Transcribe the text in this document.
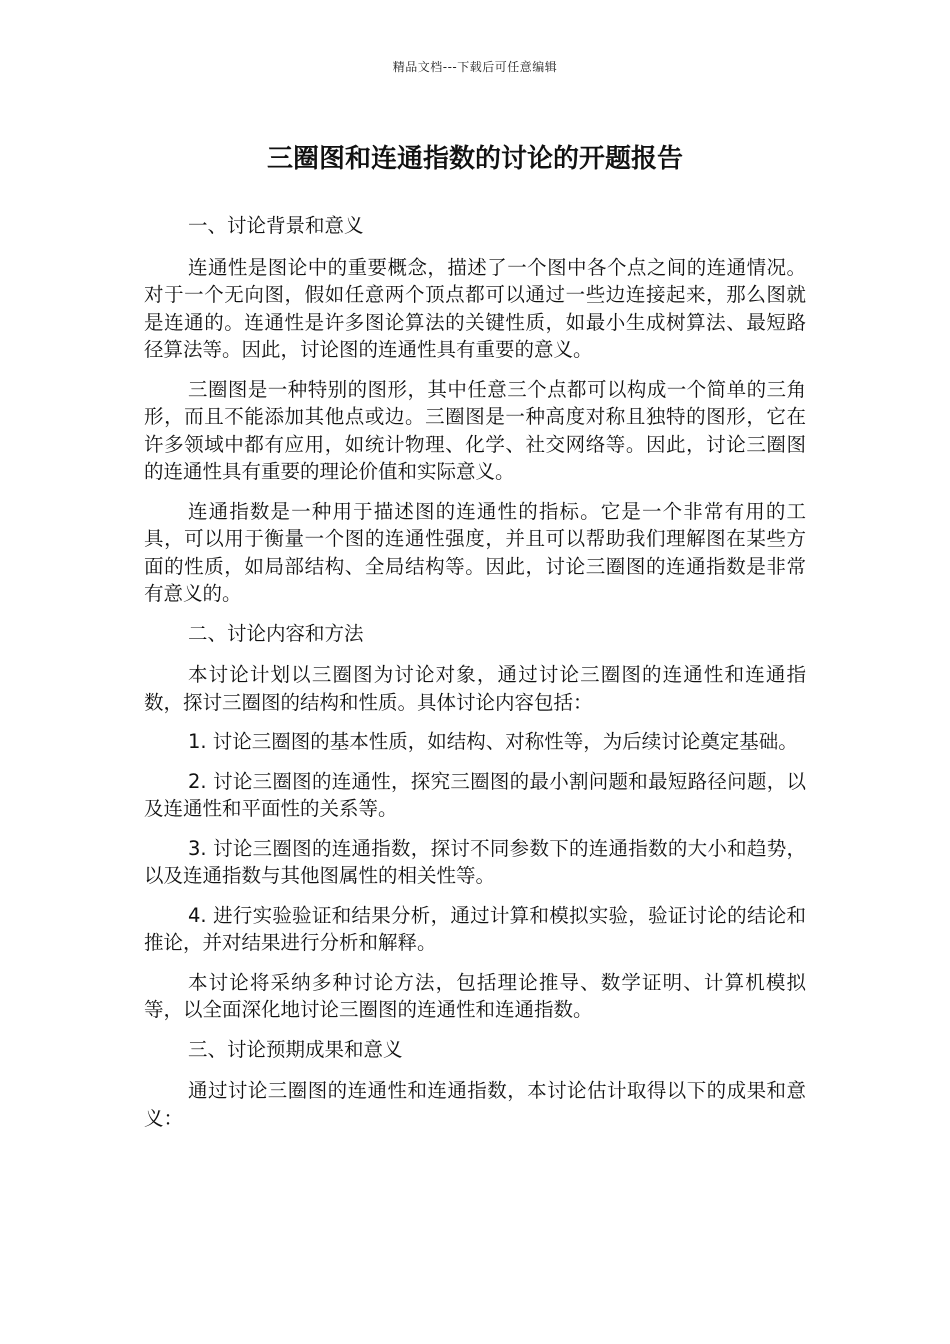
精品文档---下载后可任意编辑
三圈图和连通指数的讨论的开题报告

一、讨论背景和意义

连通性是图论中的重要概念，描述了一个图中各个点之间的连通情况。对于一个无向图，假如任意两个顶点都可以通过一些边连接起来，那么图就是连通的。连通性是许多图论算法的关键性质，如最小生成树算法、最短路径算法等。因此，讨论图的连通性具有重要的意义。

三圈图是一种特别的图形，其中任意三个点都可以构成一个简单的三角形，而且不能添加其他点或边。三圈图是一种高度对称且独特的图形，它在许多领域中都有应用，如统计物理、化学、社交网络等。因此，讨论三圈图的连通性具有重要的理论价值和实际意义。

连通指数是一种用于描述图的连通性的指标。它是一个非常有用的工具，可以用于衡量一个图的连通性强度，并且可以帮助我们理解图在某些方面的性质，如局部结构、全局结构等。因此，讨论三圈图的连通指数是非常有意义的。

二、讨论内容和方法

本讨论计划以三圈图为讨论对象，通过讨论三圈图的连通性和连通指数，探讨三圈图的结构和性质。具体讨论内容包括：

1. 讨论三圈图的基本性质，如结构、对称性等，为后续讨论奠定基础。

2. 讨论三圈图的连通性，探究三圈图的最小割问题和最短路径问题，以及连通性和平面性的关系等。

3. 讨论三圈图的连通指数，探讨不同参数下的连通指数的大小和趋势，以及连通指数与其他图属性的相关性等。

4. 进行实验验证和结果分析，通过计算和模拟实验，验证讨论的结论和推论，并对结果进行分析和解释。

本讨论将采纳多种讨论方法，包括理论推导、数学证明、计算机模拟等，以全面深化地讨论三圈图的连通性和连通指数。

三、讨论预期成果和意义

通过讨论三圈图的连通性和连通指数，本讨论估计取得以下的成果和意义：
